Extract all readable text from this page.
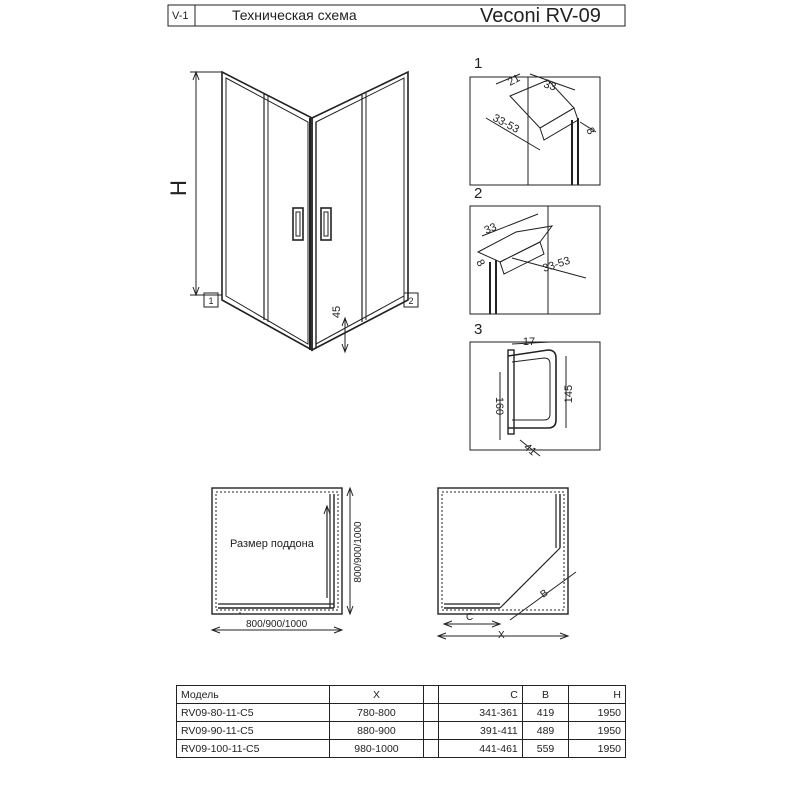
H
45
1	2
21 33
33-53	8
33
33-53
8
17
160
145
41
800/900/1000
B
V-1	Техническая схема	Veconi RV-09
1
2
3
Размер поддона
800/900/1000
C
X
Модель	X		C	B	H
RV09-80-11-C5	780-800		341-361	419	1950
RV09-90-11-C5	880-900		391-411	489	1950
RV09-100-11-C5	980-1000		441-461	559	1950
